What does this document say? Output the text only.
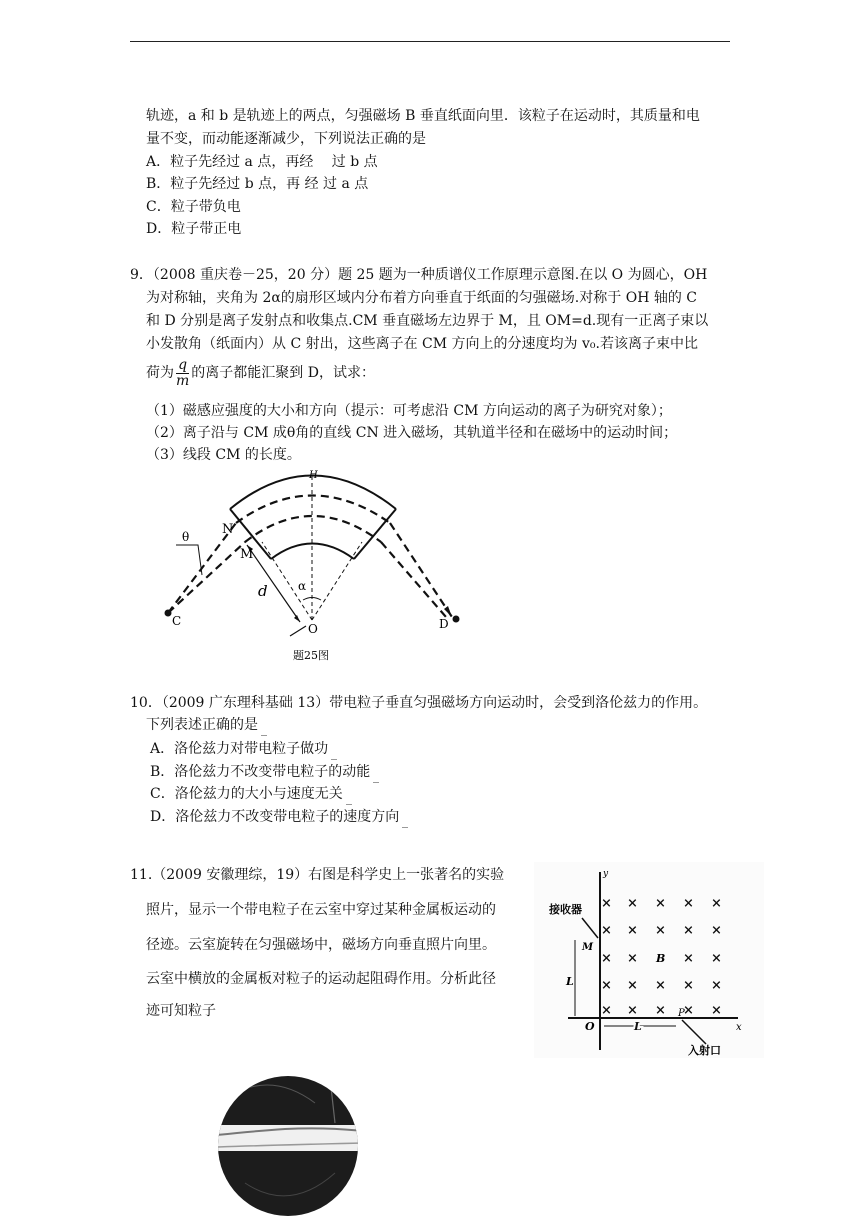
轨迹，a 和 b 是轨迹上的两点，匀强磁场 B 垂直纸面向里．该粒子在运动时，其质量和电
量不变，而动能逐渐减少，下列说法正确的是
A．粒子先经过 a 点，再经　 过 b 点
B．粒子先经过 b 点，再 经 过 a 点
C．粒子带负电
D．粒子带正电
9．（2008 重庆卷－25，20 分）题 25 题为一种质谱仪工作原理示意图.在以 O 为圆心，OH
为对称轴，夹角为 2α的扇形区域内分布着方向垂直于纸面的匀强磁场.对称于 OH 轴的 C
和 D 分别是离子发射点和收集点.CM 垂直磁场左边界于 M，且 OM=d.现有一正离子束以
小发散角（纸面内）从 C 射出，这些离子在 CM 方向上的分速度均为 v₀.若该离子束中比
荷为 $\frac{q}{m}$ 的离子都能汇聚到 D，试求：
（1）磁感应强度的大小和方向（提示：可考虑沿 CM 方向运动的离子为研究对象）；
（2）离子沿与 CM 成θ角的直线 CN 进入磁场，其轨道半径和在磁场中的运动时间；
（3）线段 CM 的长度。
H
N
M
θ
α
d
C
O	D
题25图
10．（2009 广东理科基础 13）带电粒子垂直匀强磁场方向运动时，会受到洛伦兹力的作用。
下列表述正确的是
A．洛伦兹力对带电粒子做功
B．洛伦兹力不改变带电粒子的动能
C．洛伦兹力的大小与速度无关
D．洛伦兹力不改变带电粒子的速度方向
11.（2009 安徽理综，19）右图是科学史上一张著名的实验
照片，显示一个带电粒子在云室中穿过某种金属板运动的
径迹。云室旋转在匀强磁场中，磁场方向垂直照片向里。
云室中横放的金属板对粒子的运动起阻碍作用。分析此径
迹可知粒子
y
x
接收器
M
L
× × × × ×
× × × × ×
× ×	× ×
× × × × ×
× × × × ×
B
O	L
P
入射口
